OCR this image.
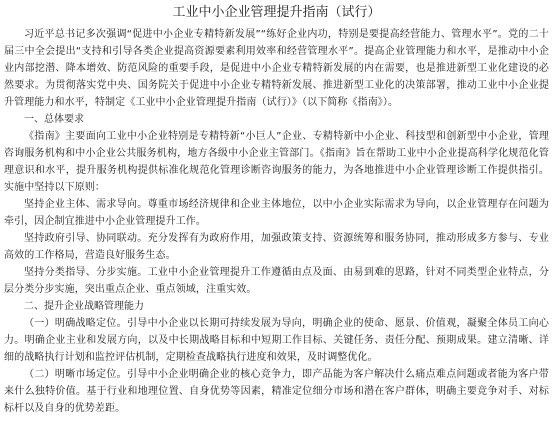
工业中小企业管理提升指南（试行）

习近平总书记多次强调“促进中小企业专精特新发展”“练好企业内功，特别是要提高经营能力、管理水平”。党的二十届三中全会提出“支持和引导各类企业提高资源要素利用效率和经营管理水平”。提高企业管理能力和水平，是推动中小企业内部挖潜、降本增效、防范风险的重要手段，是促进中小企业专精特新发展的内在需要，也是推进新型工业化建设的必然要求。为贯彻落实党中央、国务院关于促进中小企业专精特新发展、推进新型工业化的决策部署，推动工业中小企业提升管理能力和水平，特制定《工业中小企业管理提升指南（试行）》（以下简称《指南》）。

一、总体要求

《指南》主要面向工业中小企业特别是专精特新“小巨人”企业、专精特新中小企业、科技型和创新型中小企业，管理咨询服务机构和中小企业公共服务机构，地方各级中小企业主管部门。《指南》旨在帮助工业中小企业提高科学化规范化管理意识和水平，提升服务机构提供标准化规范化管理诊断咨询服务的能力，为各地推进中小企业管理诊断工作提供指引。实施中坚持以下原则：

坚持企业主体、需求导向。尊重市场经济规律和企业主体地位，以中小企业实际需求为导向，以企业管理存在问题为牵引，因企制宜推进中小企业管理提升工作。

坚持政府引导、协同联动。充分发挥有为政府作用，加强政策支持、资源统筹和服务协同，推动形成多方参与、专业高效的工作格局，营造良好服务生态。

坚持分类指导、分步实施。工业中小企业管理提升工作遵循由点及面、由易到难的思路，针对不同类型企业特点，分层分类分步实施，突出重点企业、重点领域，注重实效。

二、提升企业战略管理能力

（一）明确战略定位。引导中小企业以长期可持续发展为导向，明确企业的使命、愿景、价值观，凝聚全体员工向心力。明确企业主业和发展方向，以及中长期战略目标和中短期工作目标、关键任务、责任分配、预期成果。建立清晰、详细的战略执行计划和监控评估机制，定期检查战略执行进度和效果，及时调整优化。

（二）明晰市场定位。引导中小企业明确企业的核心竞争力，即产品能为客户解决什么痛点难点问题或者能为客户带来什么独特价值。基于行业和地理位置、自身优势等因素，精准定位细分市场和潜在客户群体，明确主要竞争对手、对标标杆以及自身的优势差距。
